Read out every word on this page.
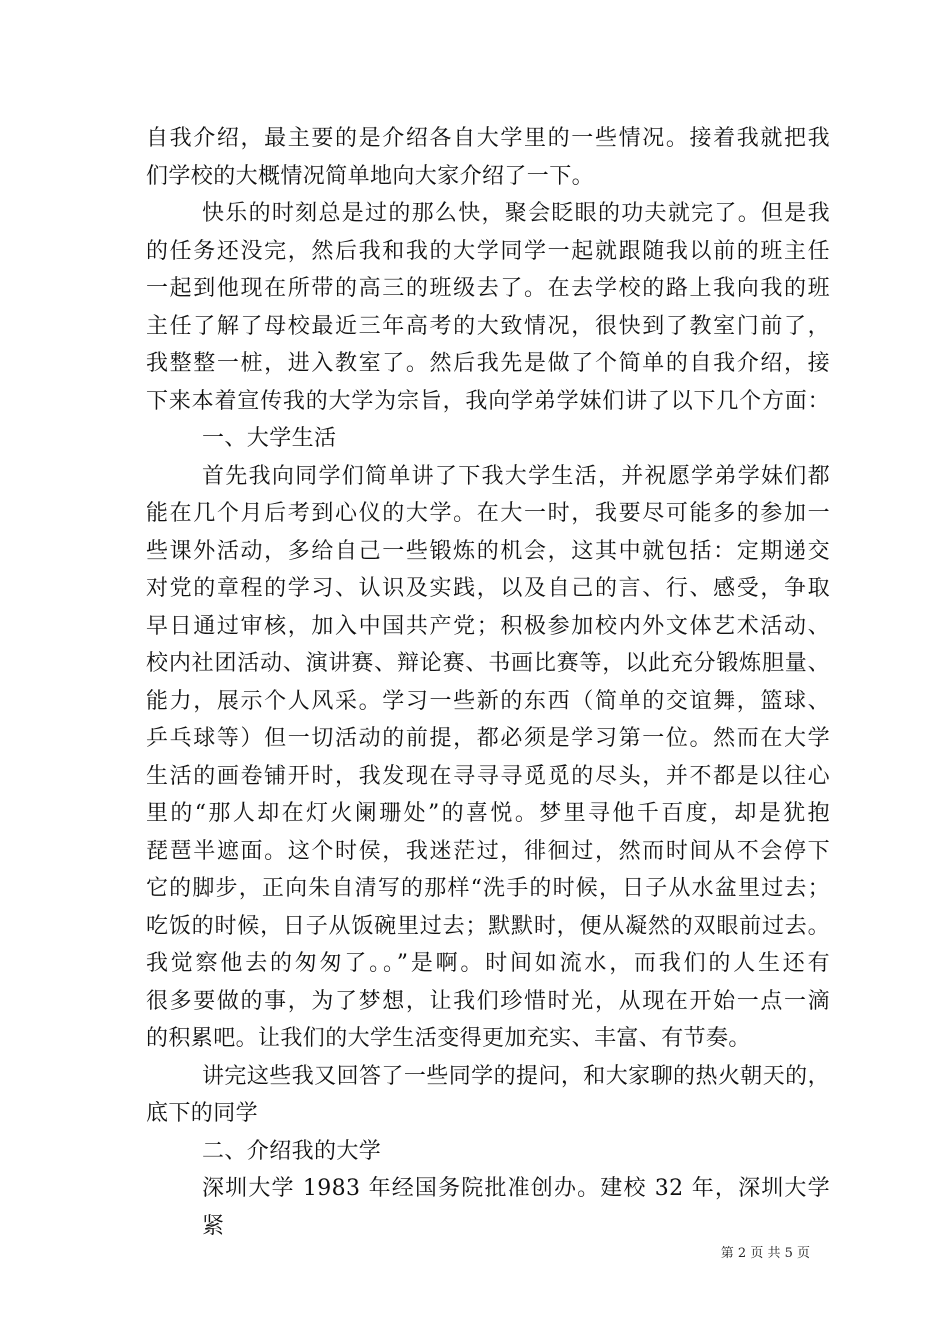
自我介绍，最主要的是介绍各自大学里的一些情况。接着我就把我
们学校的大概情况简单地向大家介绍了一下。
快乐的时刻总是过的那么快，聚会眨眼的功夫就完了。但是我
的任务还没完，然后我和我的大学同学一起就跟随我以前的班主任
一起到他现在所带的高三的班级去了。在去学校的路上我向我的班
主任了解了母校最近三年高考的大致情况，很快到了教室门前了，
我整整一桩，进入教室了。然后我先是做了个简单的自我介绍，接
下来本着宣传我的大学为宗旨，我向学弟学妹们讲了以下几个方面：
一、大学生活
首先我向同学们简单讲了下我大学生活，并祝愿学弟学妹们都
能在几个月后考到心仪的大学。在大一时，我要尽可能多的参加一
些课外活动，多给自己一些锻炼的机会，这其中就包括：定期递交
对党的章程的学习、认识及实践，以及自己的言、行、感受，争取
早日通过审核，加入中国共产党；积极参加校内外文体艺术活动、
校内社团活动、演讲赛、辩论赛、书画比赛等，以此充分锻炼胆量、
能力，展示个人风采。学习一些新的东西（简单的交谊舞，篮球、
乒乓球等）但一切活动的前提，都必须是学习第一位。然而在大学
生活的画卷铺开时，我发现在寻寻寻觅觅的尽头，并不都是以往心
里的“那人却在灯火阑珊处”的喜悦。梦里寻他千百度，却是犹抱
琵琶半遮面。这个时侯，我迷茫过，徘徊过，然而时间从不会停下
它的脚步，正向朱自清写的那样“洗手的时候，日子从水盆里过去；
吃饭的时候，日子从饭碗里过去；默默时，便从凝然的双眼前过去。
我觉察他去的匆匆了。。”是啊。时间如流水，而我们的人生还有
很多要做的事，为了梦想，让我们珍惜时光，从现在开始一点一滴
的积累吧。让我们的大学生活变得更加充实、丰富、有节奏。
讲完这些我又回答了一些同学的提问，和大家聊的热火朝天的，
底下的同学
二、介绍我的大学
深圳大学 1983 年经国务院批准创办。建校 32 年，深圳大学紧
第 2 页 共 5 页
